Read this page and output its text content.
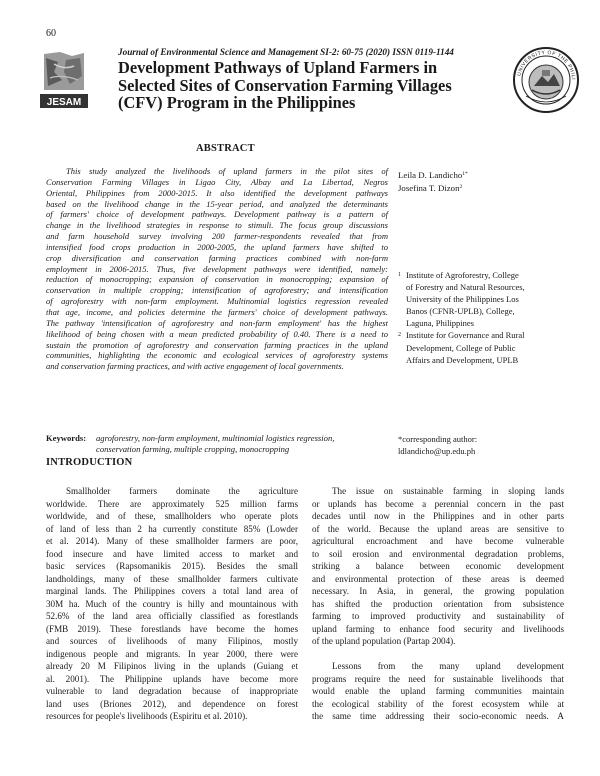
60
JESAM
UNIVERSITY OF THE PHILI
Journal of Environmental Science and Management SI-2: 60-75 (2020) ISSN 0119-1144
Development Pathways of Upland Farmers in
Selected Sites of Conservation Farming Villages
(CFV) Program in the Philippines
ABSTRACT
This study analyzed the livelihoods of upland farmers in the pilot sites of
Conservation Farming Villages in Ligao City, Albay and La Libertad, Negros
Oriental, Philippines from 2000-2015. It also identified the development pathways
based on the livelihood change in the 15-year period, and analyzed the determinants
of farmers' choice of development pathways. Development pathway is a pattern of
change in the livelihood strategies in response to stimuli. The focus group discussions
and farm household survey involving 200 farmer-respondents revealed that from
intensified food crops production in 2000-2005, the upland farmers have shifted to
crop diversification and conservation farming practices combined with non-farm
employment in 2006-2015. Thus, five development pathways were identified, namely:
reduction of monocropping; expansion of conservation in monocropping; expansion of
conservation in multiple cropping; intensification of agroforestry; and intensification
of agroforestry with non-farm employment. Multinomial logistics regression revealed
that age, income, and policies determine the farmers' choice of development pathways.
The pathway 'intensification of agroforestry and non-farm employment' has the highest
likelihood of being chosen with a mean predicted probability of 0.40. There is a need to
sustain the promotion of agroforestry and conservation farming practices in the upland
communities, highlighting the economic and ecological services of agroforestry systems
and conservation farming practices, and with active engagement of local governments.
Leila D. Landicho$^{1*}$
Josefina T. Dizon$^2$
1 Institute of Agroforestry, College
of Forestry and Natural Resources,
University of the Philippines Los
Banos (CFNR-UPLB), College,
Laguna, Philippines
2 Institute for Governance and Rural
Development, College of Public
Affairs and Development, UPLB
*corresponding author:
ldlandicho@up.edu.ph
Keywords: agroforestry, non-farm employment, multinomial logistics regression,
conservation farming, multiple cropping, monocropping
INTRODUCTION
Smallholder farmers dominate the agriculture
worldwide. There are approximately 525 million farms
worldwide, and of these, smallholders who operate plots
of land of less than 2 ha currently constitute 85% (Lowder
et al. 2014). Many of these smallholder farmers are poor,
food insecure and have limited access to market and
basic services (Rapsomanikis 2015). Besides the small
landholdings, many of these smallholder farmers cultivate
marginal lands. The Philippines covers a total land area of
30M ha. Much of the country is hilly and mountainous with
52.6% of the land area officially classified as forestlands
(FMB 2019). These forestlands have become the homes
and sources of livelihoods of many Filipinos, mostly
indigenous people and migrants. In year 2000, there were
already 20 M Filipinos living in the uplands (Guiang et
al. 2001). The Philippine uplands have become more
vulnerable to land degradation because of inappropriate
land uses (Briones 2012), and dependence on forest
resources for people's livelihoods (Espiritu et al. 2010).
The issue on sustainable farming in sloping lands
or uplands has become a perennial concern in the past
decades until now in the Philippines and in other parts
of the world. Because the upland areas are sensitive to
agricultural encroachment and have become vulnerable
to soil erosion and environmental degradation problems,
striking a balance between economic development
and environmental protection of these areas is deemed
necessary. In Asia, in general, the growing population
has shifted the production orientation from subsistence
farming to improved productivity and sustainability of
upland farming to enhance food security and livelihoods
of the upland population (Partap 2004).
Lessons from the many upland development
programs require the need for sustainable livelihoods that
would enable the upland farming communities maintain
the ecological stability of the forest ecosystem while at
the same time addressing their socio-economic needs. A
